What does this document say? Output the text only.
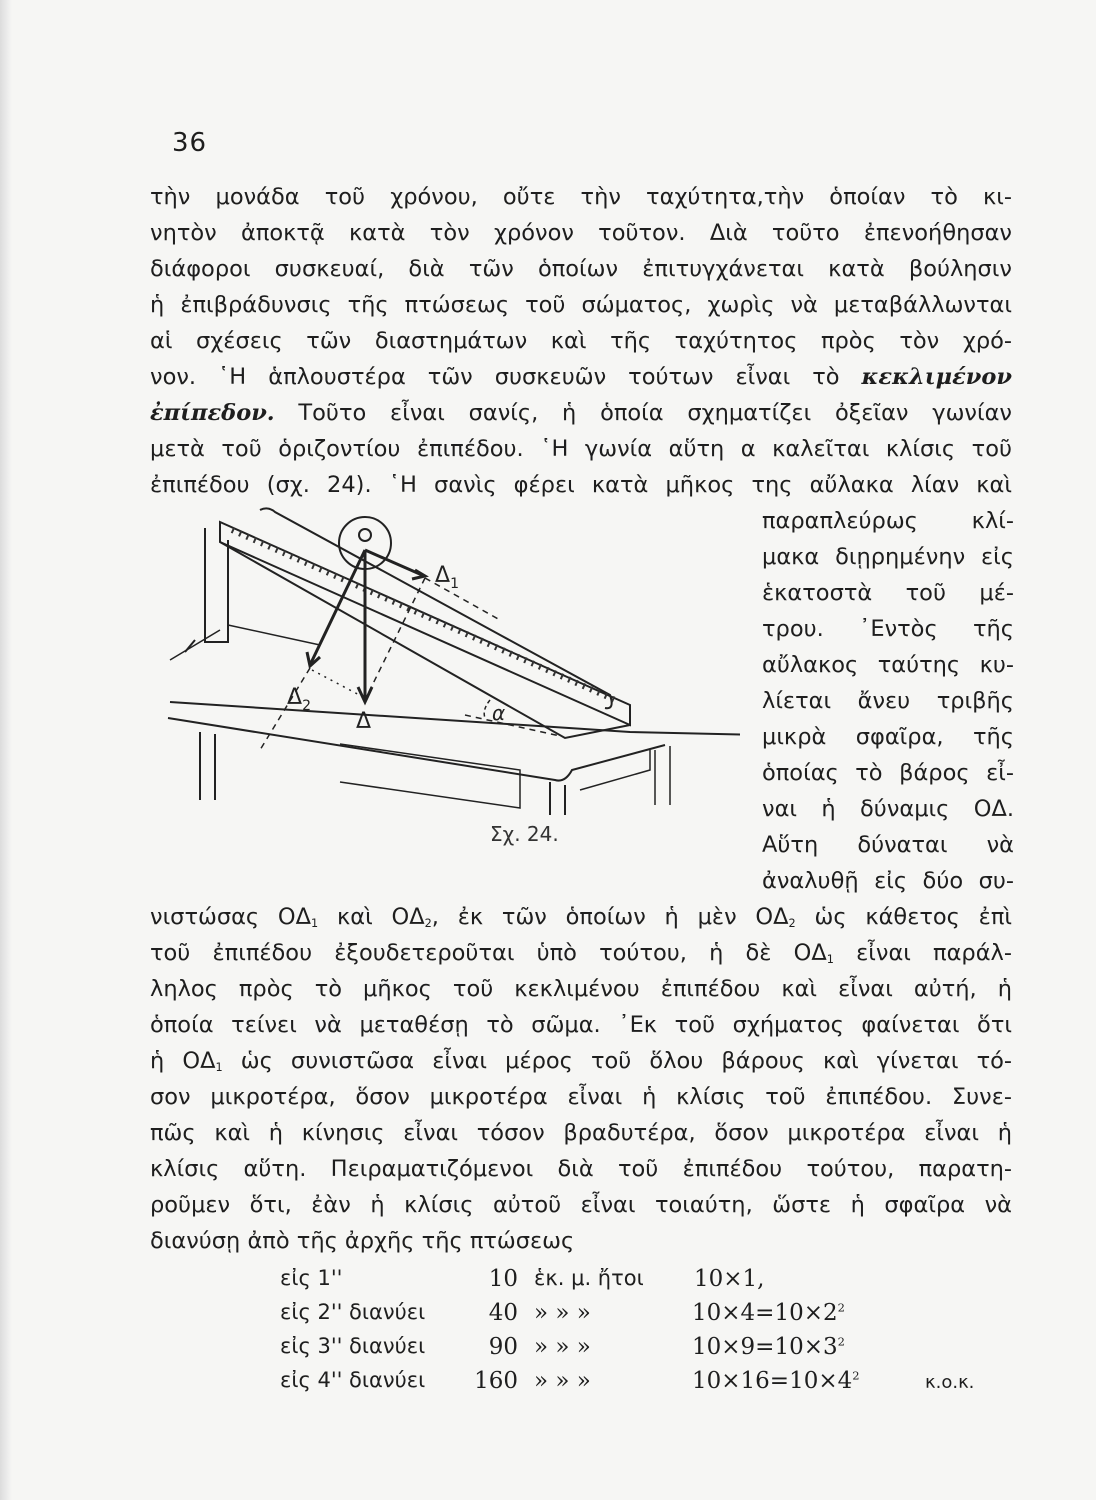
36
τὴν μονάδα τοῦ χρόνου, οὔτε τὴν ταχύτητα,τὴν ὁποίαν τὸ κι-
νητὸν ἀποκτᾷ κατὰ τὸν χρόνον τοῦτον. Διὰ τοῦτο ἐπενοήθησαν
διάφοροι συσκευαί, διὰ τῶν ὁποίων ἐπιτυγχάνεται κατὰ βούλησιν
ἡ ἐπιβράδυνσις τῆς πτώσεως τοῦ σώματος, χωρὶς νὰ μεταβάλλωνται
αἱ σχέσεις τῶν διαστημάτων καὶ τῆς ταχύτητος πρὸς τὸν χρό-
νον. ῾Η ἁπλουστέρα τῶν συσκευῶν τούτων εἶναι τὸ κεκλιμένον
ἐπίπεδον. Τοῦτο εἶναι σανίς, ἡ ὁποία σχηματίζει ὀξεῖαν γωνίαν
μετὰ τοῦ ὁριζοντίου ἐπιπέδου. ῾Η γωνία αὕτη α καλεῖται κλίσις τοῦ
ἐπιπέδου (σχ. 24). ῾Η σανὶς φέρει κατὰ μῆκος της αὔλακα λίαν καὶ
παραπλεύρως κλί-
μακα διῃρημένην εἰς
ἑκατοστὰ τοῦ μέ-
τρου. ᾿Εντὸς τῆς
αὔλακος ταύτης κυ-
λίεται ἄνευ τριβῆς
μικρὰ σφαῖρα, τῆς
ὁποίας τὸ βάρος εἶ-
ναι ἡ δύναμις ΟΔ.
Αὕτη δύναται νὰ
ἀναλυθῇ εἰς δύο συ-
$\Delta_1$
$\Delta_2$
Δ	α
Σχ. 24.
νιστώσας $O\Delta_1$ καὶ $O\Delta_2$, ἐκ τῶν ὁποίων ἡ μὲν $O\Delta_2$ ὡς κάθετος ἐπὶ
τοῦ ἐπιπέδου ἐξουδετεροῦται ὑπὸ τούτου, ἡ δὲ $O\Delta_1$ εἶναι παράλ-
ληλος πρὸς τὸ μῆκος τοῦ κεκλιμένου ἐπιπέδου καὶ εἶναι αὐτή, ἡ
ὁποία τείνει νὰ μεταθέσῃ τὸ σῶμα. ᾿Εκ τοῦ σχήματος φαίνεται ὅτι
ἡ $O\Delta_1$ ὡς συνιστῶσα εἶναι μέρος τοῦ ὅλου βάρους καὶ γίνεται τό-
σον μικροτέρα, ὅσον μικροτέρα εἶναι ἡ κλίσις τοῦ ἐπιπέδου. Συνε-
πῶς καὶ ἡ κίνησις εἶναι τόσον βραδυτέρα, ὅσον μικροτέρα εἶναι ἡ
κλίσις αὕτη. Πειραματιζόμενοι διὰ τοῦ ἐπιπέδου τούτου, παρατη-
ροῦμεν ὅτι, ἐὰν ἡ κλίσις αὐτοῦ εἶναι τοιαύτη, ὥστε ἡ σφαῖρα νὰ
διανύσῃ ἀπὸ τῆς ἀρχῆς τῆς πτώσεως
εἰς 1''	10 ἑκ. μ. ἤτοι 10×1,
εἰς 2'' διανύει	40 » » »	$10\times 4=10\times 2^2$
εἰς 3'' διανύει	90 » » »	$10\times 9=10\times 3^2$
εἰς 4'' διανύει	160 » » »	$10\times 16=10\times 4^2$	κ.ο.κ.
